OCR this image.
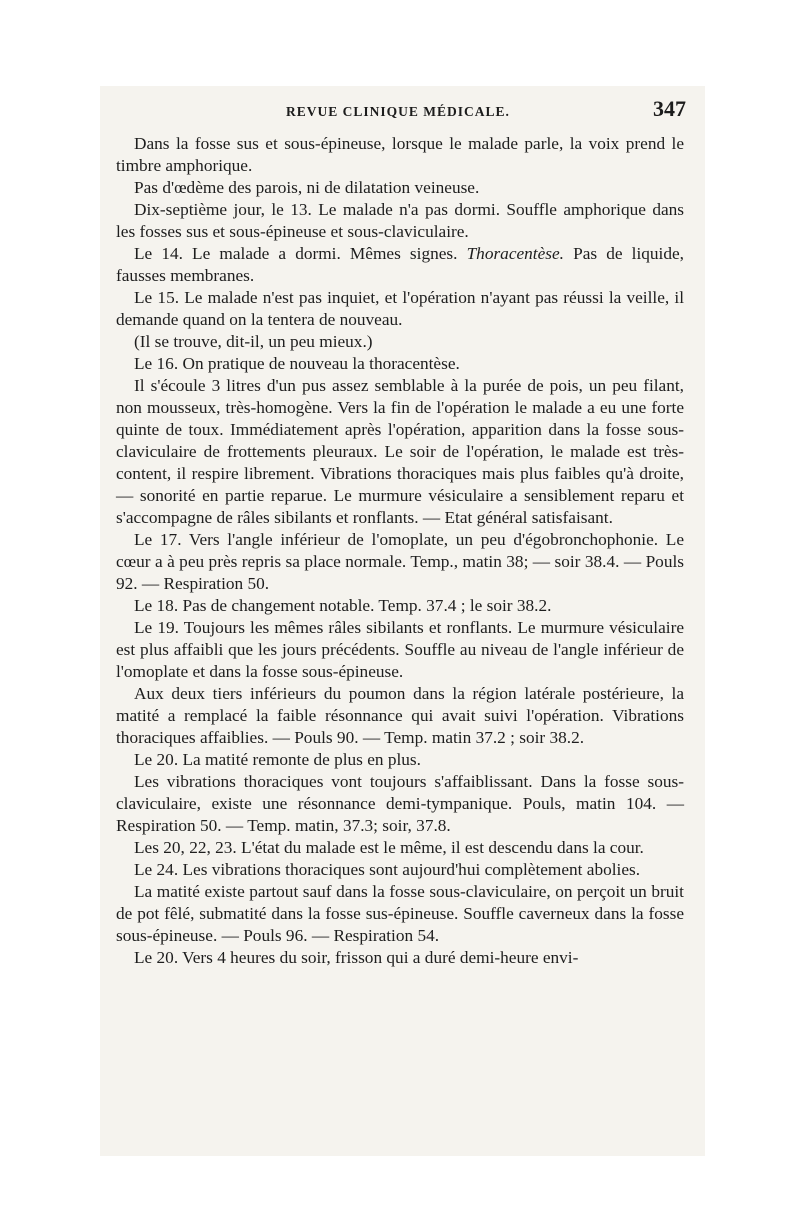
REVUE CLINIQUE MÉDICALE.	347

Dans la fosse sus et sous-épineuse, lorsque le malade parle, la voix prend le timbre amphorique.

Pas d'œdème des parois, ni de dilatation veineuse.

Dix-septième jour, le 13. Le malade n'a pas dormi. Souffle amphorique dans les fosses sus et sous-épineuse et sous-claviculaire.

Le 14. Le malade a dormi. Mêmes signes. Thoracentèse. Pas de liquide, fausses membranes.

Le 15. Le malade n'est pas inquiet, et l'opération n'ayant pas réussi la veille, il demande quand on la tentera de nouveau.

(Il se trouve, dit-il, un peu mieux.)

Le 16. On pratique de nouveau la thoracentèse.

Il s'écoule 3 litres d'un pus assez semblable à la purée de pois, un peu filant, non mousseux, très-homogène. Vers la fin de l'opération le malade a eu une forte quinte de toux. Immédiatement après l'opération, apparition dans la fosse sous-claviculaire de frottements pleuraux. Le soir de l'opération, le malade est très-content, il respire librement. Vibrations thoraciques mais plus faibles qu'à droite, — sonorité en partie reparue. Le murmure vésiculaire a sensiblement reparu et s'accompagne de râles sibilants et ronflants. — Etat général satisfaisant.

Le 17. Vers l'angle inférieur de l'omoplate, un peu d'égobronchophonie. Le cœur a à peu près repris sa place normale. Temp., matin 38; — soir 38.4. — Pouls 92. — Respiration 50.

Le 18. Pas de changement notable. Temp. 37.4 ; le soir 38.2.

Le 19. Toujours les mêmes râles sibilants et ronflants. Le murmure vésiculaire est plus affaibli que les jours précédents. Souffle au niveau de l'angle inférieur de l'omoplate et dans la fosse sous-épineuse.

Aux deux tiers inférieurs du poumon dans la région latérale postérieure, la matité a remplacé la faible résonnance qui avait suivi l'opération. Vibrations thoraciques affaiblies. — Pouls 90. — Temp. matin 37.2 ; soir 38.2.

Le 20. La matité remonte de plus en plus.

Les vibrations thoraciques vont toujours s'affaiblissant. Dans la fosse sous-claviculaire, existe une résonnance demi-tympanique. Pouls, matin 104. — Respiration 50. — Temp. matin, 37.3; soir, 37.8.

Les 20, 22, 23. L'état du malade est le même, il est descendu dans la cour.

Le 24. Les vibrations thoraciques sont aujourd'hui complètement abolies.

La matité existe partout sauf dans la fosse sous-claviculaire, on perçoit un bruit de pot fêlé, submatité dans la fosse sus-épineuse. Souffle caverneux dans la fosse sous-épineuse. — Pouls 96. — Respiration 54.

Le 20. Vers 4 heures du soir, frisson qui a duré demi-heure envi-
